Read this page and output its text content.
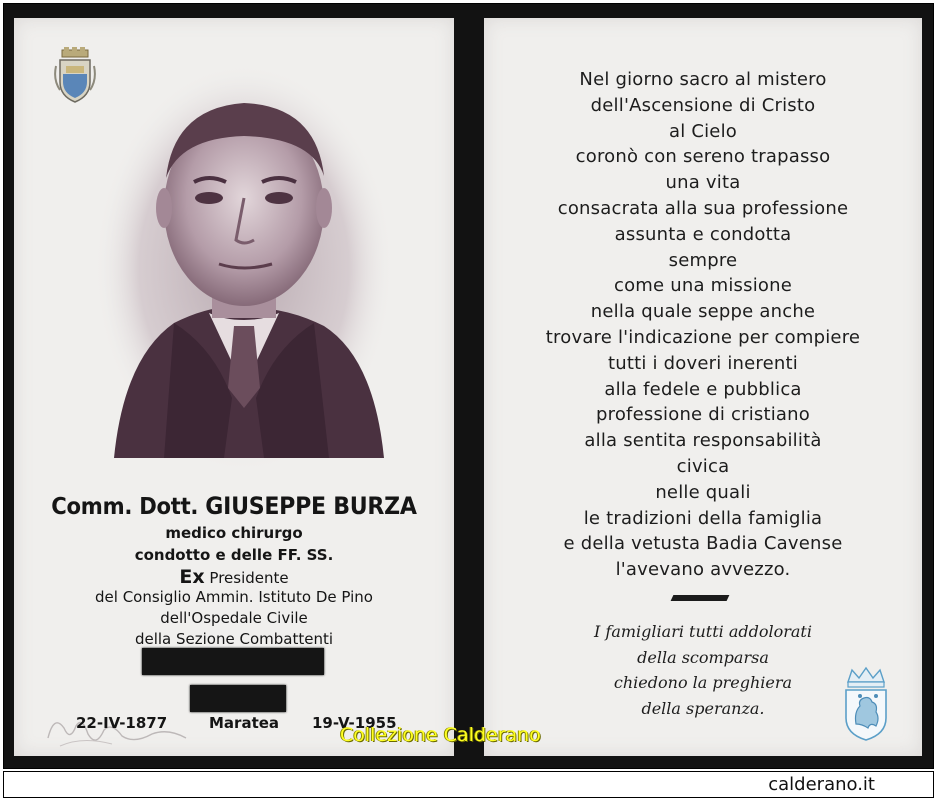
Comm. Dott. GIUSEPPE BURZA
medico chirurgo
condotto e delle FF. SS.
Ex Presidente
del Consiglio Ammin. Istituto De Pino
dell'Ospedale Civile
della Sezione Combattenti
22-IV-1877	Maratea 19-V-1955
Nel giorno sacro al mistero
dell'Ascensione di Cristo
al Cielo
coronò con sereno trapasso
una vita
consacrata alla sua professione
assunta e condotta
sempre
come una missione
nella quale seppe anche
trovare l'indicazione per compiere
tutti i doveri inerenti
alla fedele e pubblica
professione di cristiano
alla sentita responsabilità
civica
nelle quali
le tradizioni della famiglia
e della vetusta Badia Cavense
l'avevano avvezzo.
I famigliari tutti addolorati
della scomparsa
chiedono la preghiera
della speranza.
Collezione Calderano
calderano.it
